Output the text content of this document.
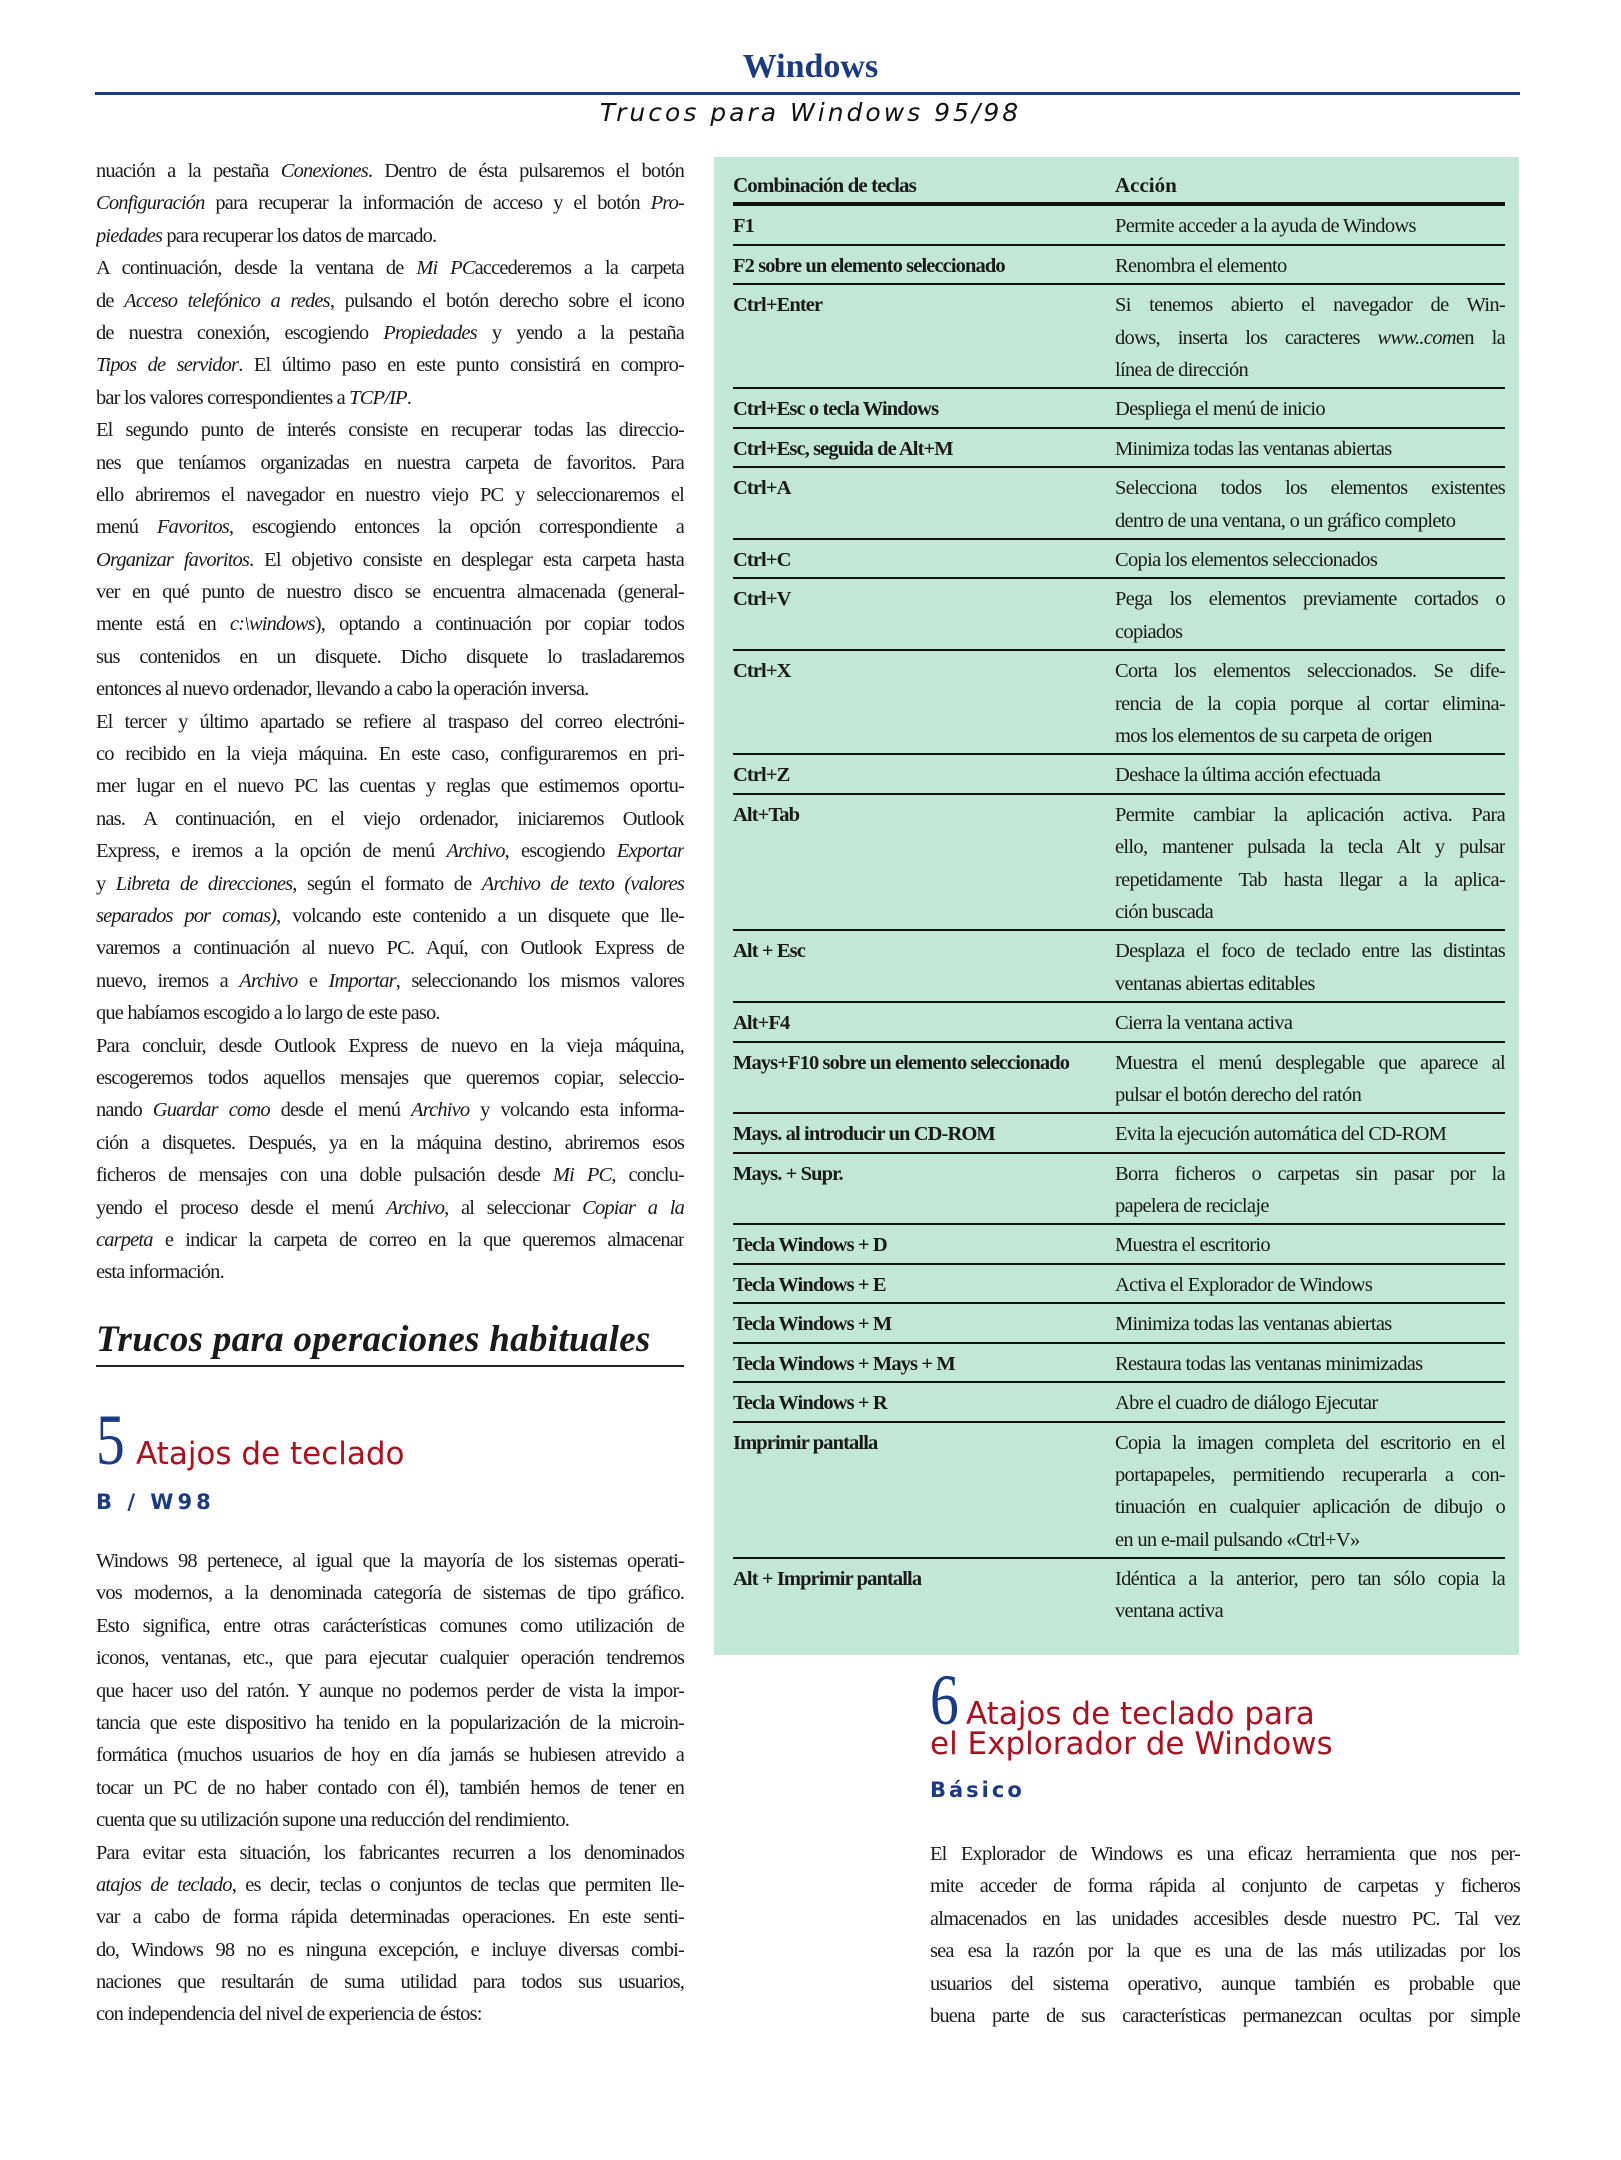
Windows
Trucos para Windows 95/98
nuación a la pestaña Conexiones. Dentro de ésta pulsaremos el botón
Configuración para recuperar la información de acceso y el botón Pro-
piedades para recuperar los datos de marcado.
A continuación, desde la ventana de Mi PCaccederemos a la carpeta
de Acceso telefónico a redes, pulsando el botón derecho sobre el icono
de nuestra conexión, escogiendo Propiedades y yendo a la pestaña
Tipos de servidor. El último paso en este punto consistirá en compro-
bar los valores correspondientes a TCP/IP.
El segundo punto de interés consiste en recuperar todas las direccio-
nes que teníamos organizadas en nuestra carpeta de favoritos. Para
ello abriremos el navegador en nuestro viejo PC y seleccionaremos el
menú Favoritos, escogiendo entonces la opción correspondiente a
Organizar favoritos. El objetivo consiste en desplegar esta carpeta hasta
ver en qué punto de nuestro disco se encuentra almacenada (general-
mente está en c:\windows), optando a continuación por copiar todos
sus contenidos en un disquete. Dicho disquete lo trasladaremos
entonces al nuevo ordenador, llevando a cabo la operación inversa.
El tercer y último apartado se refiere al traspaso del correo electróni-
co recibido en la vieja máquina. En este caso, configuraremos en pri-
mer lugar en el nuevo PC las cuentas y reglas que estimemos oportu-
nas. A continuación, en el viejo ordenador, iniciaremos Outlook
Express, e iremos a la opción de menú Archivo, escogiendo Exportar
y Libreta de direcciones, según el formato de Archivo de texto (valores
separados por comas), volcando este contenido a un disquete que lle-
varemos a continuación al nuevo PC. Aquí, con Outlook Express de
nuevo, iremos a Archivo e Importar, seleccionando los mismos valores
que habíamos escogido a lo largo de este paso.
Para concluir, desde Outlook Express de nuevo en la vieja máquina,
escogeremos todos aquellos mensajes que queremos copiar, seleccio-
nando Guardar como desde el menú Archivo y volcando esta informa-
ción a disquetes. Después, ya en la máquina destino, abriremos esos
ficheros de mensajes con una doble pulsación desde Mi PC, conclu-
yendo el proceso desde el menú Archivo, al seleccionar Copiar a la
carpeta e indicar la carpeta de correo en la que queremos almacenar
esta información.
Trucos para operaciones habituales
5 Atajos de teclado
B / W98
Windows 98 pertenece, al igual que la mayoría de los sistemas operati-
vos modernos, a la denominada categoría de sistemas de tipo gráfico.
Esto significa, entre otras carácterísticas comunes como utilización de
iconos, ventanas, etc., que para ejecutar cualquier operación tendremos
que hacer uso del ratón. Y aunque no podemos perder de vista la impor-
tancia que este dispositivo ha tenido en la popularización de la microin-
formática (muchos usuarios de hoy en día jamás se hubiesen atrevido a
tocar un PC de no haber contado con él), también hemos de tener en
cuenta que su utilización supone una reducción del rendimiento.
Para evitar esta situación, los fabricantes recurren a los denominados
atajos de teclado, es decir, teclas o conjuntos de teclas que permiten lle-
var a cabo de forma rápida determinadas operaciones. En este senti-
do, Windows 98 no es ninguna excepción, e incluye diversas combi-
naciones que resultarán de suma utilidad para todos sus usuarios,
con independencia del nivel de experiencia de éstos:
Combinación de teclas	Acción
F1	Permite acceder a la ayuda de Windows
F2 sobre un elemento seleccionado	Renombra el elemento
Ctrl+Enter	Si tenemos abierto el navegador de Win-
dows, inserta los caracteres www..comen la
línea de dirección
Ctrl+Esc o tecla Windows	Despliega el menú de inicio
Ctrl+Esc, seguida de Alt+M	Minimiza todas las ventanas abiertas
Ctrl+A	Selecciona todos los elementos existentes
dentro de una ventana, o un gráfico completo
Ctrl+C	Copia los elementos seleccionados
Ctrl+V	Pega los elementos previamente cortados o
copiados
Ctrl+X	Corta los elementos seleccionados. Se dife-
rencia de la copia porque al cortar elimina-
mos los elementos de su carpeta de origen
Ctrl+Z	Deshace la última acción efectuada
Alt+Tab	Permite cambiar la aplicación activa. Para
ello, mantener pulsada la tecla Alt y pulsar
repetidamente Tab hasta llegar a la aplica-
ción buscada
Alt + Esc	Desplaza el foco de teclado entre las distintas
ventanas abiertas editables
Alt+F4	Cierra la ventana activa
Mays+F10 sobre un elemento seleccionado	Muestra el menú desplegable que aparece al
pulsar el botón derecho del ratón
Mays. al introducir un CD-ROM	Evita la ejecución automática del CD-ROM
Mays. + Supr.	Borra ficheros o carpetas sin pasar por la
papelera de reciclaje
Tecla Windows + D	Muestra el escritorio
Tecla Windows + E	Activa el Explorador de Windows
Tecla Windows + M	Minimiza todas las ventanas abiertas
Tecla Windows + Mays + M	Restaura todas las ventanas minimizadas
Tecla Windows + R	Abre el cuadro de diálogo Ejecutar
Imprimir pantalla	Copia la imagen completa del escritorio en el
portapapeles, permitiendo recuperarla a con-
tinuación en cualquier aplicación de dibujo o
en un e-mail pulsando «Ctrl+V»
Alt + Imprimir pantalla	Idéntica a la anterior, pero tan sólo copia la
ventana activa
6 Atajos de teclado para
el Explorador de Windows
Básico
El Explorador de Windows es una eficaz herramienta que nos per-
mite acceder de forma rápida al conjunto de carpetas y ficheros
almacenados en las unidades accesibles desde nuestro PC. Tal vez
sea esa la razón por la que es una de las más utilizadas por los
usuarios del sistema operativo, aunque también es probable que
buena parte de sus características permanezcan ocultas por simple
